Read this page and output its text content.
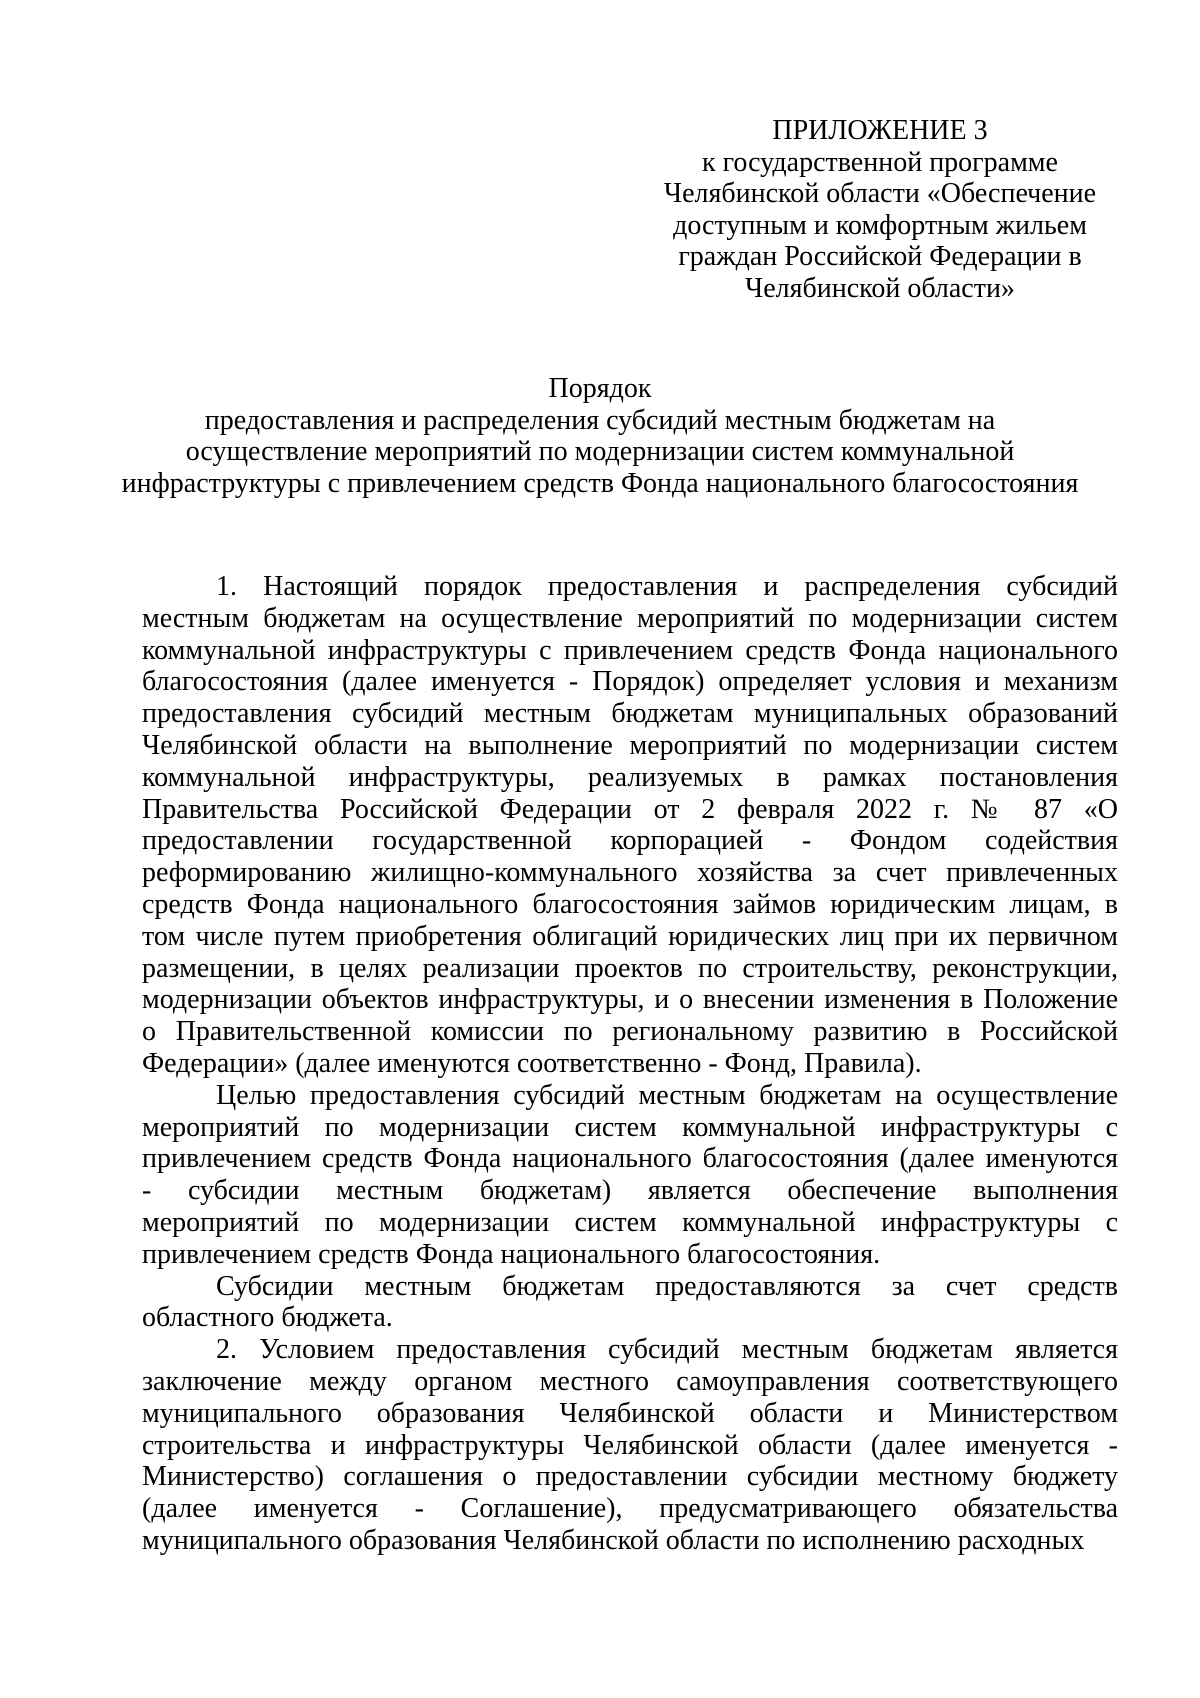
ПРИЛОЖЕНИЕ 3
к государственной программе
Челябинской области «Обеспечение
доступным и комфортным жильем
граждан Российской Федерации в
Челябинской области»
Порядок
предоставления и распределения субсидий местным бюджетам на
осуществление мероприятий по модернизации систем коммунальной
инфраструктуры с привлечением средств Фонда национального благосостояния
1. Настоящий порядок предоставления и распределения субсидий
местным бюджетам на осуществление мероприятий по модернизации систем
коммунальной инфраструктуры с привлечением средств Фонда национального
благосостояния (далее именуется - Порядок) определяет условия и механизм
предоставления субсидий местным бюджетам муниципальных образований
Челябинской области на выполнение мероприятий по модернизации систем
коммунальной инфраструктуры, реализуемых в рамках постановления
Правительства Российской Федерации от 2 февраля 2022 г. № 87 «О
предоставлении государственной корпорацией - Фондом содействия
реформированию жилищно-коммунального хозяйства за счет привлеченных
средств Фонда национального благосостояния займов юридическим лицам, в
том числе путем приобретения облигаций юридических лиц при их первичном
размещении, в целях реализации проектов по строительству, реконструкции,
модернизации объектов инфраструктуры, и о внесении изменения в Положение
о Правительственной комиссии по региональному развитию в Российской
Федерации» (далее именуются соответственно - Фонд, Правила).
Целью предоставления субсидий местным бюджетам на осуществление
мероприятий по модернизации систем коммунальной инфраструктуры с
привлечением средств Фонда национального благосостояния (далее именуются
- субсидии местным бюджетам) является обеспечение выполнения
мероприятий по модернизации систем коммунальной инфраструктуры с
привлечением средств Фонда национального благосостояния.
Субсидии местным бюджетам предоставляются за счет средств
областного бюджета.
2. Условием предоставления субсидий местным бюджетам является
заключение между органом местного самоуправления соответствующего
муниципального образования Челябинской области и Министерством
строительства и инфраструктуры Челябинской области (далее именуется -
Министерство) соглашения о предоставлении субсидии местному бюджету
(далее именуется - Соглашение), предусматривающего обязательства
муниципального образования Челябинской области по исполнению расходных
